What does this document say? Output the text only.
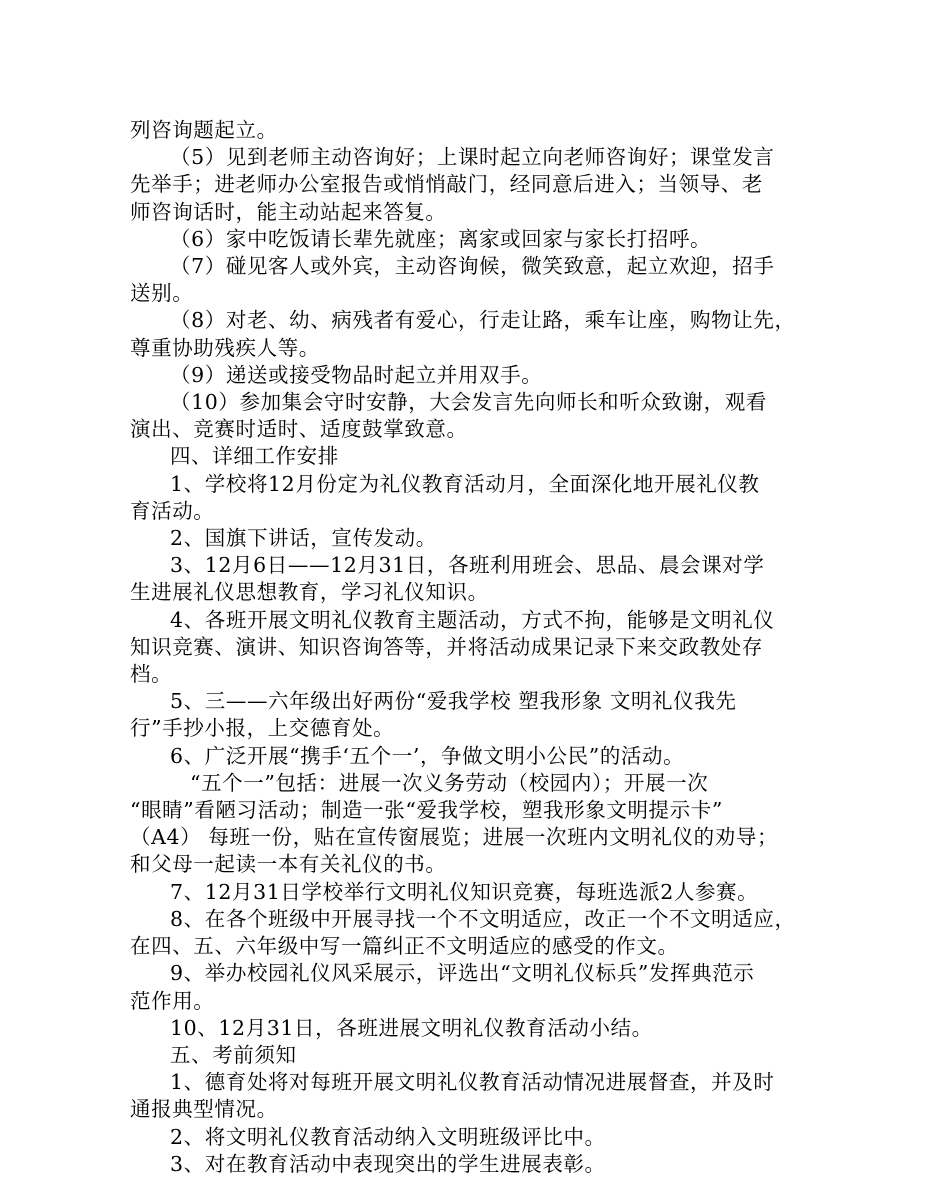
列咨询题起立。
（5）见到老师主动咨询好；上课时起立向老师咨询好；课堂发言
先举手；进老师办公室报告或悄悄敲门，经同意后进入；当领导、老
师咨询话时，能主动站起来答复。
（6）家中吃饭请长辈先就座；离家或回家与家长打招呼。
（7）碰见客人或外宾，主动咨询候，微笑致意，起立欢迎，招手
送别。
（8）对老、幼、病残者有爱心，行走让路，乘车让座，购物让先，
尊重协助残疾人等。
（9）递送或接受物品时起立并用双手。
（10）参加集会守时安静，大会发言先向师长和听众致谢，观看
演出、竞赛时适时、适度鼓掌致意。
四、详细工作安排
1、学校将12月份定为礼仪教育活动月，全面深化地开展礼仪教
育活动。
2、国旗下讲话，宣传发动。
3、12月6日——12月31日，各班利用班会、思品、晨会课对学
生进展礼仪思想教育，学习礼仪知识。
4、各班开展文明礼仪教育主题活动，方式不拘，能够是文明礼仪
知识竞赛、演讲、知识咨询答等，并将活动成果记录下来交政教处存
档。
5、三——六年级出好两份“爱我学校 塑我形象 文明礼仪我先
行”手抄小报，上交德育处。
6、广泛开展“携手‘五个一’，争做文明小公民”的活动。
“五个一”包括：进展一次义务劳动（校园内）；开展一次
“眼睛”看陋习活动；制造一张“爱我学校，塑我形象文明提示卡”
（A4） 每班一份，贴在宣传窗展览；进展一次班内文明礼仪的劝导；
和父母一起读一本有关礼仪的书。
7、12月31日学校举行文明礼仪知识竞赛，每班选派2人参赛。
8、在各个班级中开展寻找一个不文明适应，改正一个不文明适应，
在四、五、六年级中写一篇纠正不文明适应的感受的作文。
9、举办校园礼仪风采展示，评选出“文明礼仪标兵”发挥典范示
范作用。
10、12月31日，各班进展文明礼仪教育活动小结。
五、考前须知
1、德育处将对每班开展文明礼仪教育活动情况进展督查，并及时
通报典型情况。
2、将文明礼仪教育活动纳入文明班级评比中。
3、对在教育活动中表现突出的学生进展表彰。
